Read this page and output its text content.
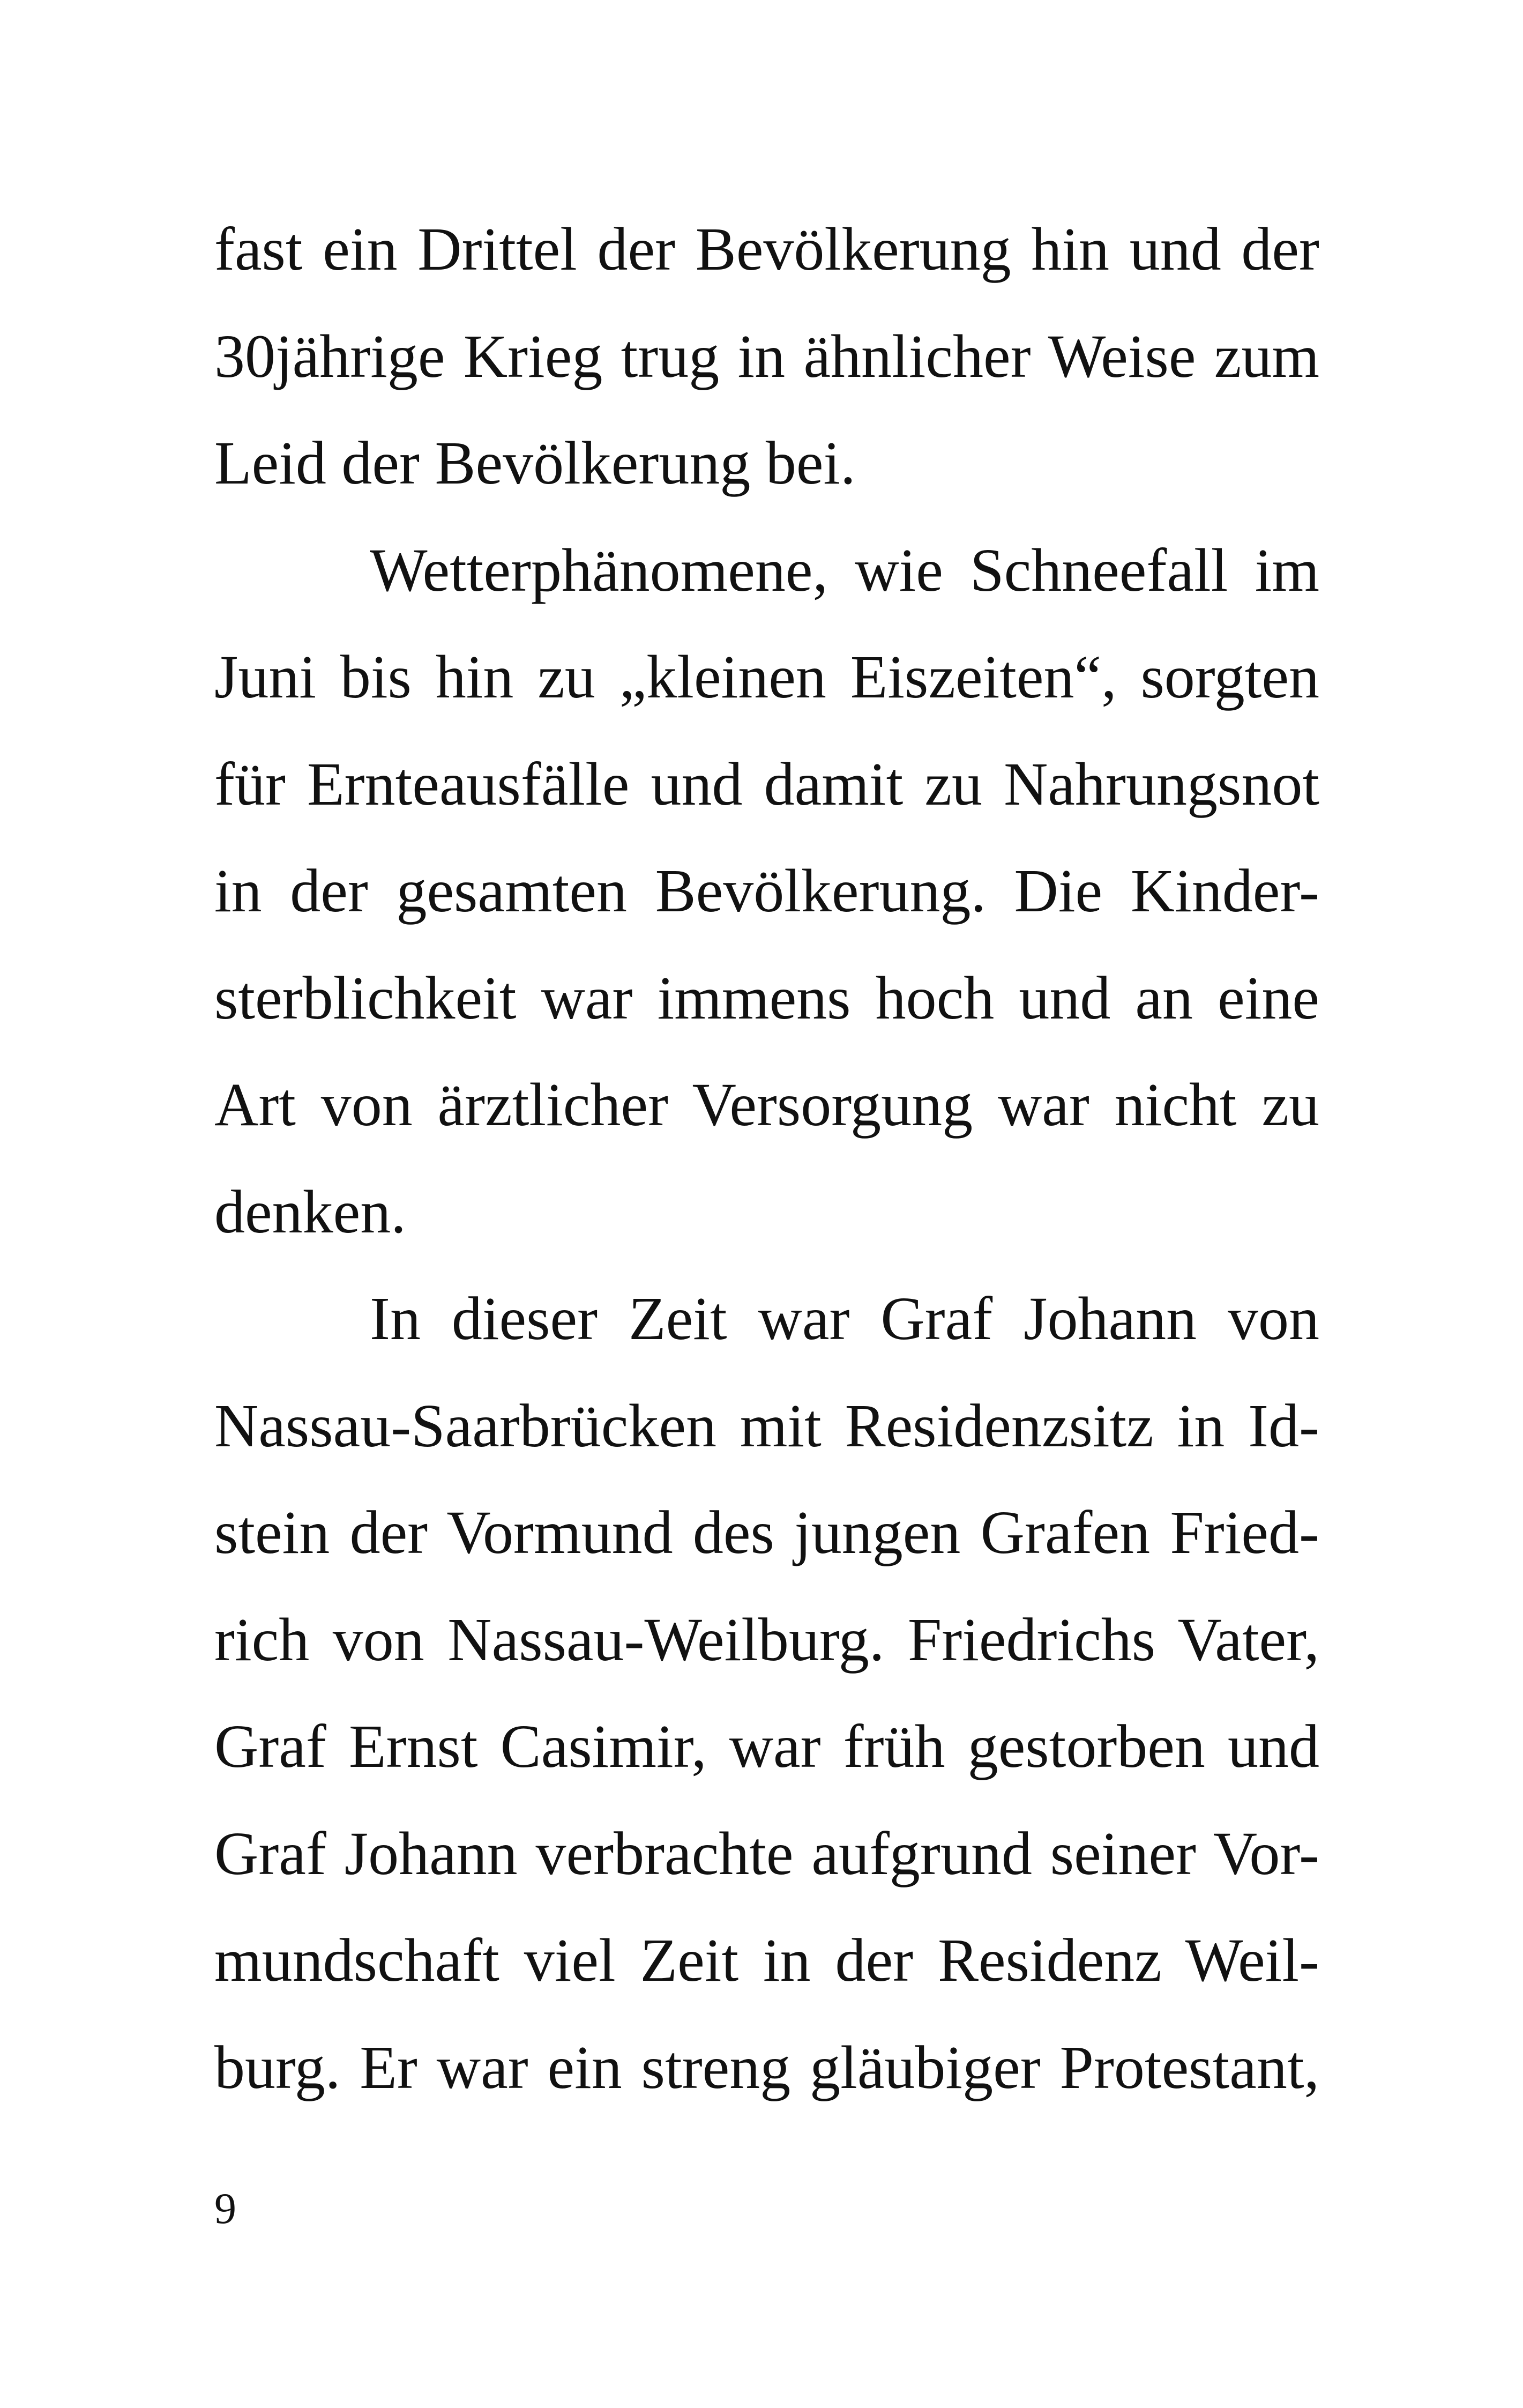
fast ein Drittel der Bevölkerung hin und der
30jährige Krieg trug in ähnlicher Weise zum
Leid der Bevölkerung bei.
Wetterphänomene, wie Schneefall im
Juni bis hin zu „kleinen Eiszeiten“, sorgten
für Ernteausfälle und damit zu Nahrungsnot
in der gesamten Bevölkerung. Die Kinder-
sterblichkeit war immens hoch und an eine
Art von ärztlicher Versorgung war nicht zu
denken.
In dieser Zeit war Graf Johann von
Nassau-Saarbrücken mit Residenzsitz in Id-
stein der Vormund des jungen Grafen Fried-
rich von Nassau-Weilburg. Friedrichs Vater,
Graf Ernst Casimir, war früh gestorben und
Graf Johann verbrachte aufgrund seiner Vor-
mundschaft viel Zeit in der Residenz Weil-
burg. Er war ein streng gläubiger Protestant,
9
